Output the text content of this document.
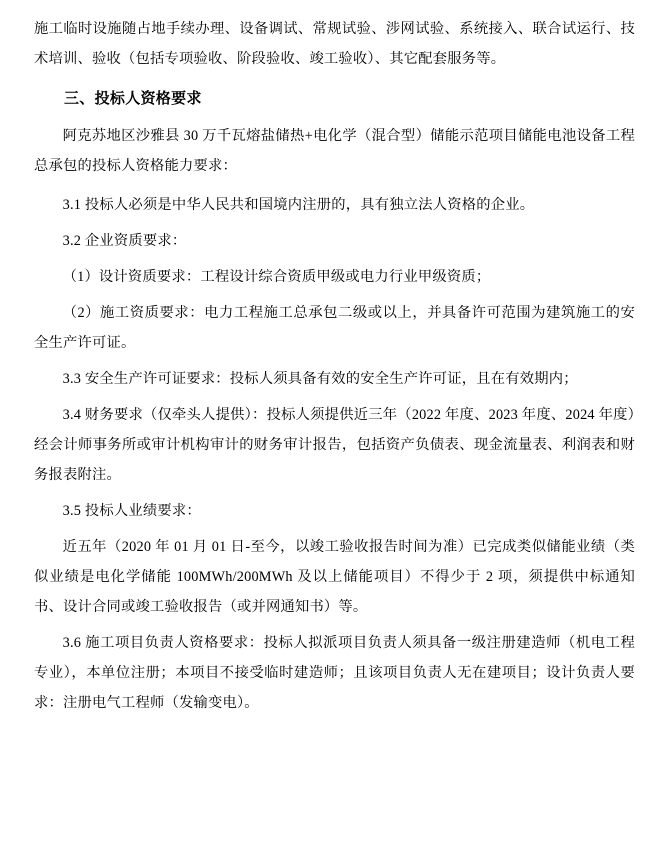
施工临时设施随占地手续办理、设备调试、常规试验、涉网试验、系统接入、联合试运行、技术培训、验收（包括专项验收、阶段验收、竣工验收）、其它配套服务等。

三、投标人资格要求

阿克苏地区沙雅县 30 万千瓦熔盐储热+电化学（混合型）储能示范项目储能电池设备工程总承包的投标人资格能力要求：

3.1 投标人必须是中华人民共和国境内注册的，具有独立法人资格的企业。

3.2 企业资质要求：

（1）设计资质要求：工程设计综合资质甲级或电力行业甲级资质；

（2）施工资质要求：电力工程施工总承包二级或以上，并具备许可范围为建筑施工的安全生产许可证。

3.3 安全生产许可证要求：投标人须具备有效的安全生产许可证，且在有效期内；

3.4 财务要求（仅牵头人提供）：投标人须提供近三年（2022 年度、2023 年度、2024 年度）经会计师事务所或审计机构审计的财务审计报告，包括资产负债表、现金流量表、利润表和财务报表附注。

3.5 投标人业绩要求：

近五年（2020 年 01 月 01 日-至今，以竣工验收报告时间为准）已完成类似储能业绩（类似业绩是电化学储能 100MWh/200MWh 及以上储能项目）不得少于 2 项，须提供中标通知书、设计合同或竣工验收报告（或并网通知书）等。

3.6 施工项目负责人资格要求：投标人拟派项目负责人须具备一级注册建造师（机电工程专业），本单位注册；本项目不接受临时建造师；且该项目负责人无在建项目；设计负责人要求：注册电气工程师（发输变电）。
